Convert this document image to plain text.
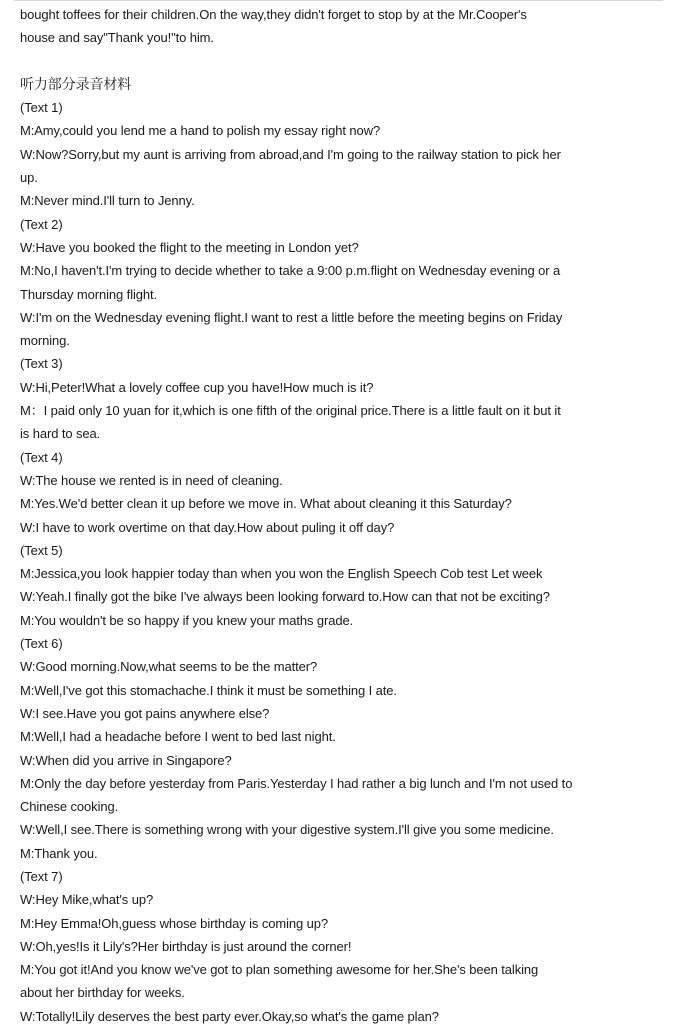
bought toffees for their children.On the way,they didn't forget to stop by at the Mr.Cooper's

house and say"Thank you!"to him.

听力部分录音材料

(Text 1)

M:Amy,could you lend me a hand to polish my essay right now?

W:Now?Sorry,but my aunt is arriving from abroad,and I'm going to the railway station to pick her

up.

M:Never mind.I'll turn to Jenny.

(Text 2)

W:Have you booked the flight to the meeting in London yet?

M:No,I haven't.I'm trying to decide whether to take a 9:00 p.m.flight on Wednesday evening or a

Thursday morning flight.

W:I'm on the Wednesday evening flight.I want to rest a little before the meeting begins on Friday

morning.

(Text 3)

W:Hi,Peter!What a lovely coffee cup you have!How much is it?

M：I paid only 10 yuan for it,which is one fifth of the original price.There is a little fault on it but it

is hard to sea.

(Text 4)

W:The house we rented is in need of cleaning.

M:Yes.We'd better clean it up before we move in. What about cleaning it this Saturday?

W:I have to work overtime on that day.How about puling it off day?

(Text 5)

M:Jessica,you look happier today than when you won the English Speech Cob test Let week

W:Yeah.I finally got the bike I've always been looking forward to.How can that not be exciting?

M:You wouldn't be so happy if you knew your maths grade.

(Text 6)

W:Good morning.Now,what seems to be the matter?

M:Well,I've got this stomachache.I think it must be something I ate.

W:I see.Have you got pains anywhere else?

M:Well,I had a headache before I went to bed last night.

W:When did you arrive in Singapore?

M:Only the day before yesterday from Paris.Yesterday I had rather a big lunch and I'm not used to

Chinese cooking.

W:Well,I see.There is something wrong with your digestive system.I'll give you some medicine.

M:Thank you.

(Text 7)

W:Hey Mike,what's up?

M:Hey Emma!Oh,guess whose birthday is coming up?

W:Oh,yes!Is it Lily's?Her birthday is just around the corner!

M:You got it!And you know we've got to plan something awesome for her.She's been talking

about her birthday for weeks.

W:Totally!Lily deserves the best party ever.Okay,so what's the game plan?
